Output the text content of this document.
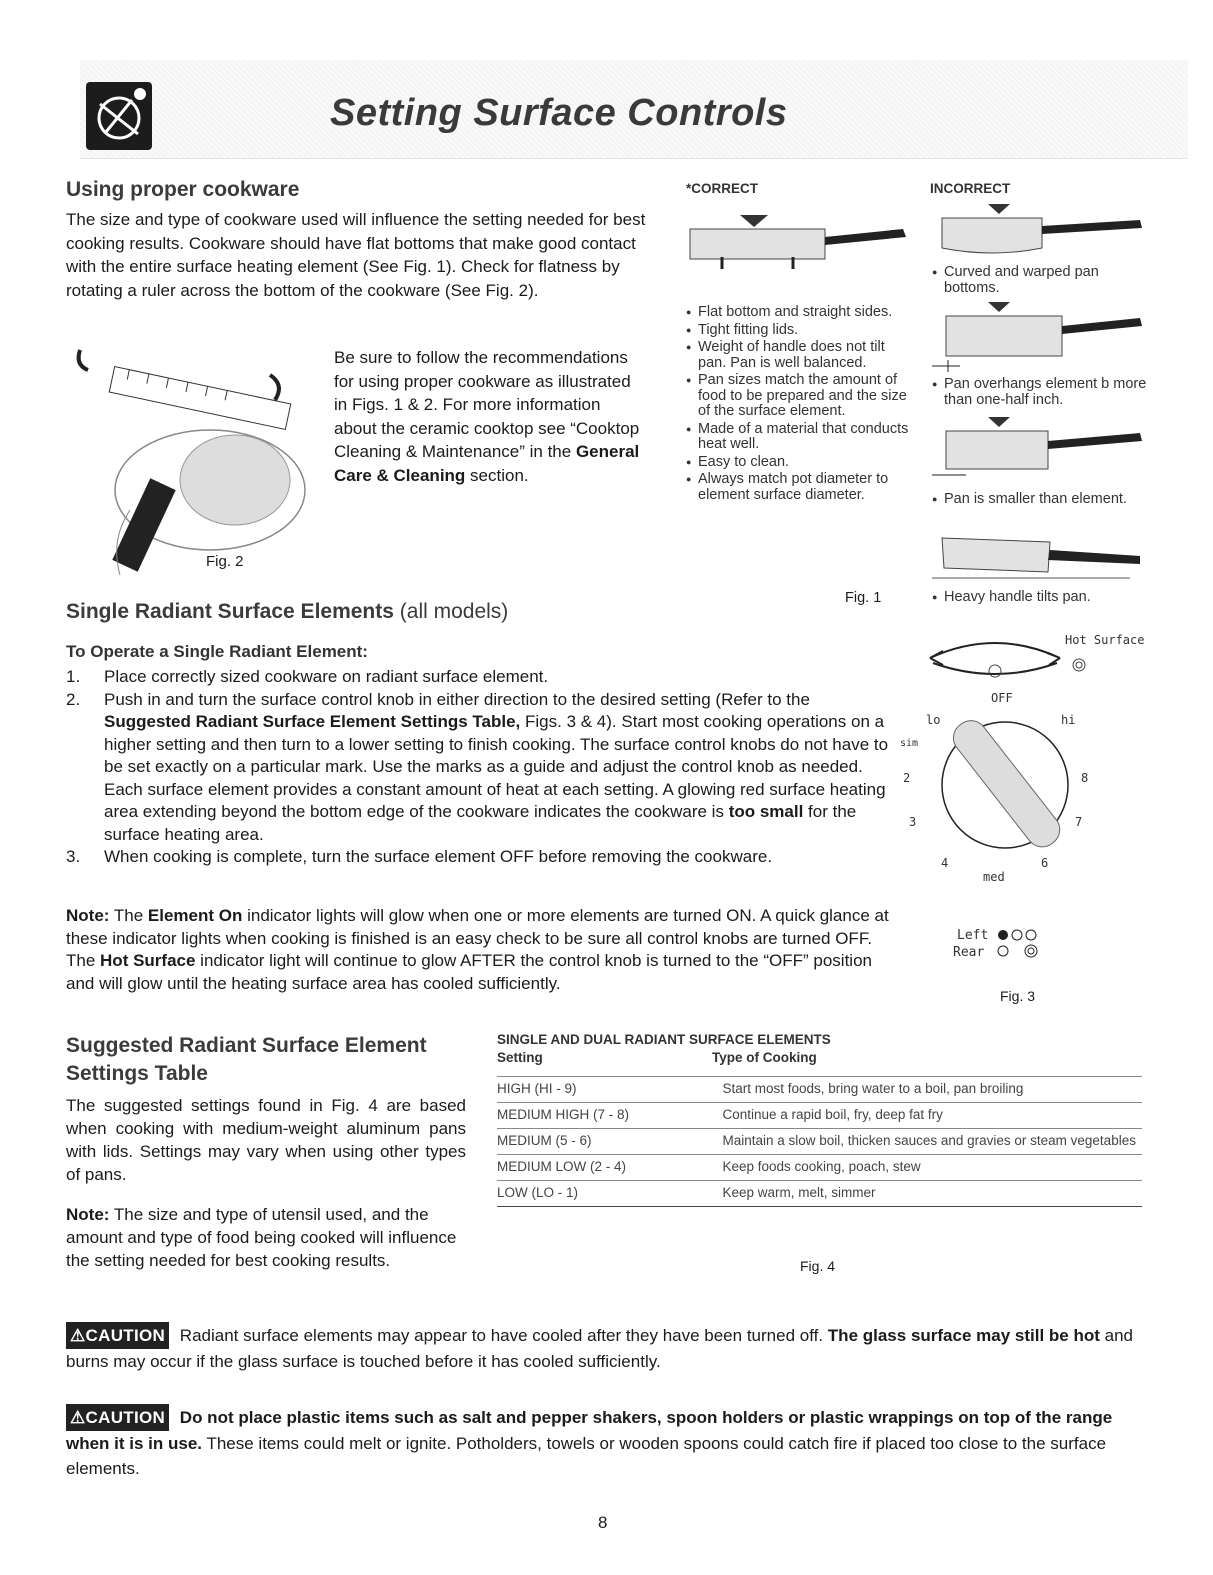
Setting Surface Controls
Using proper cookware
The size and type of cookware used will influence the setting needed for best cooking results. Cookware should have flat bottoms that make good contact with the entire surface heating element (See Fig. 1). Check for flatness by rotating a ruler across the bottom of the cookware (See Fig. 2).
Fig. 2
Be sure to follow the recommendations for using proper cookware as illustrated in Figs. 1 & 2. For more information about the ceramic cooktop see “Cooktop Cleaning & Maintenance” in the General Care & Cleaning section.
*CORRECT
● Flat bottom and straight sides.
● Tight fitting lids.
● Weight of handle does not tilt pan. Pan is well balanced.
● Pan sizes match the amount of food to be prepared and the size of the surface element.
● Made of a material that conducts heat well.
● Easy to clean.
● Always match pot diameter to element surface diameter.
Fig. 1
INCORRECT
● Curved and warped pan bottoms.
● Pan overhangs element b more than one-half inch.
● Pan is smaller than element.
● Heavy handle tilts pan.
Single Radiant Surface Elements (all models)
To Operate a Single Radiant Element:
1. Place correctly sized cookware on radiant surface element.
2. Push in and turn the surface control knob in either direction to the desired setting (Refer to the Suggested Radiant Surface Element Settings Table, Figs. 3 & 4). Start most cooking operations on a higher setting and then turn to a lower setting to finish cooking. The surface control knobs do not have to be set exactly on a particular mark. Use the marks as a guide and adjust the control knob as needed. Each surface element provides a constant amount of heat at each setting. A glowing red surface heating area extending beyond the bottom edge of the cookware indicates the cookware is too small for the surface heating area.
3. When cooking is complete, turn the surface element OFF before removing the cookware.
Note: The Element On indicator lights will glow when one or more elements are turned ON. A quick glance at these indicator lights when cooking is finished is an easy check to be sure all control knobs are turned OFF. The Hot Surface indicator light will continue to glow AFTER the control knob is turned to the “OFF” position and will glow until the heating surface area has cooled sufficiently.
Hot Surface
OFF
lo	hi
sim
2
3
4	6
7
8
med
Left
Rear
Fig. 3
Suggested Radiant Surface Element Settings Table
The suggested settings found in Fig. 4 are based when cooking with medium-weight aluminum pans with lids. Settings may vary when using other types of pans.
Note: The size and type of utensil used, and the amount and type of food being cooked will influence the setting needed for best cooking results.
SINGLE AND DUAL RADIANT SURFACE ELEMENTS
Setting	Type of Cooking
HIGH (HI - 9)	Start most foods, bring water to a boil, pan broiling
MEDIUM HIGH (7 - 8)	Continue a rapid boil, fry, deep fat fry
MEDIUM (5 - 6)	Maintain a slow boil, thicken sauces and gravies or steam vegetables
MEDIUM LOW (2 - 4)	Keep foods cooking, poach, stew
LOW (LO - 1)	Keep warm, melt, simmer
Fig. 4
⚠CAUTION Radiant surface elements may appear to have cooled after they have been turned off. The glass surface may still be hot and burns may occur if the glass surface is touched before it has cooled sufficiently.
⚠CAUTION Do not place plastic items such as salt and pepper shakers, spoon holders or plastic wrappings on top of the range when it is in use. These items could melt or ignite. Potholders, towels or wooden spoons could catch fire if placed too close to the surface elements.
8
